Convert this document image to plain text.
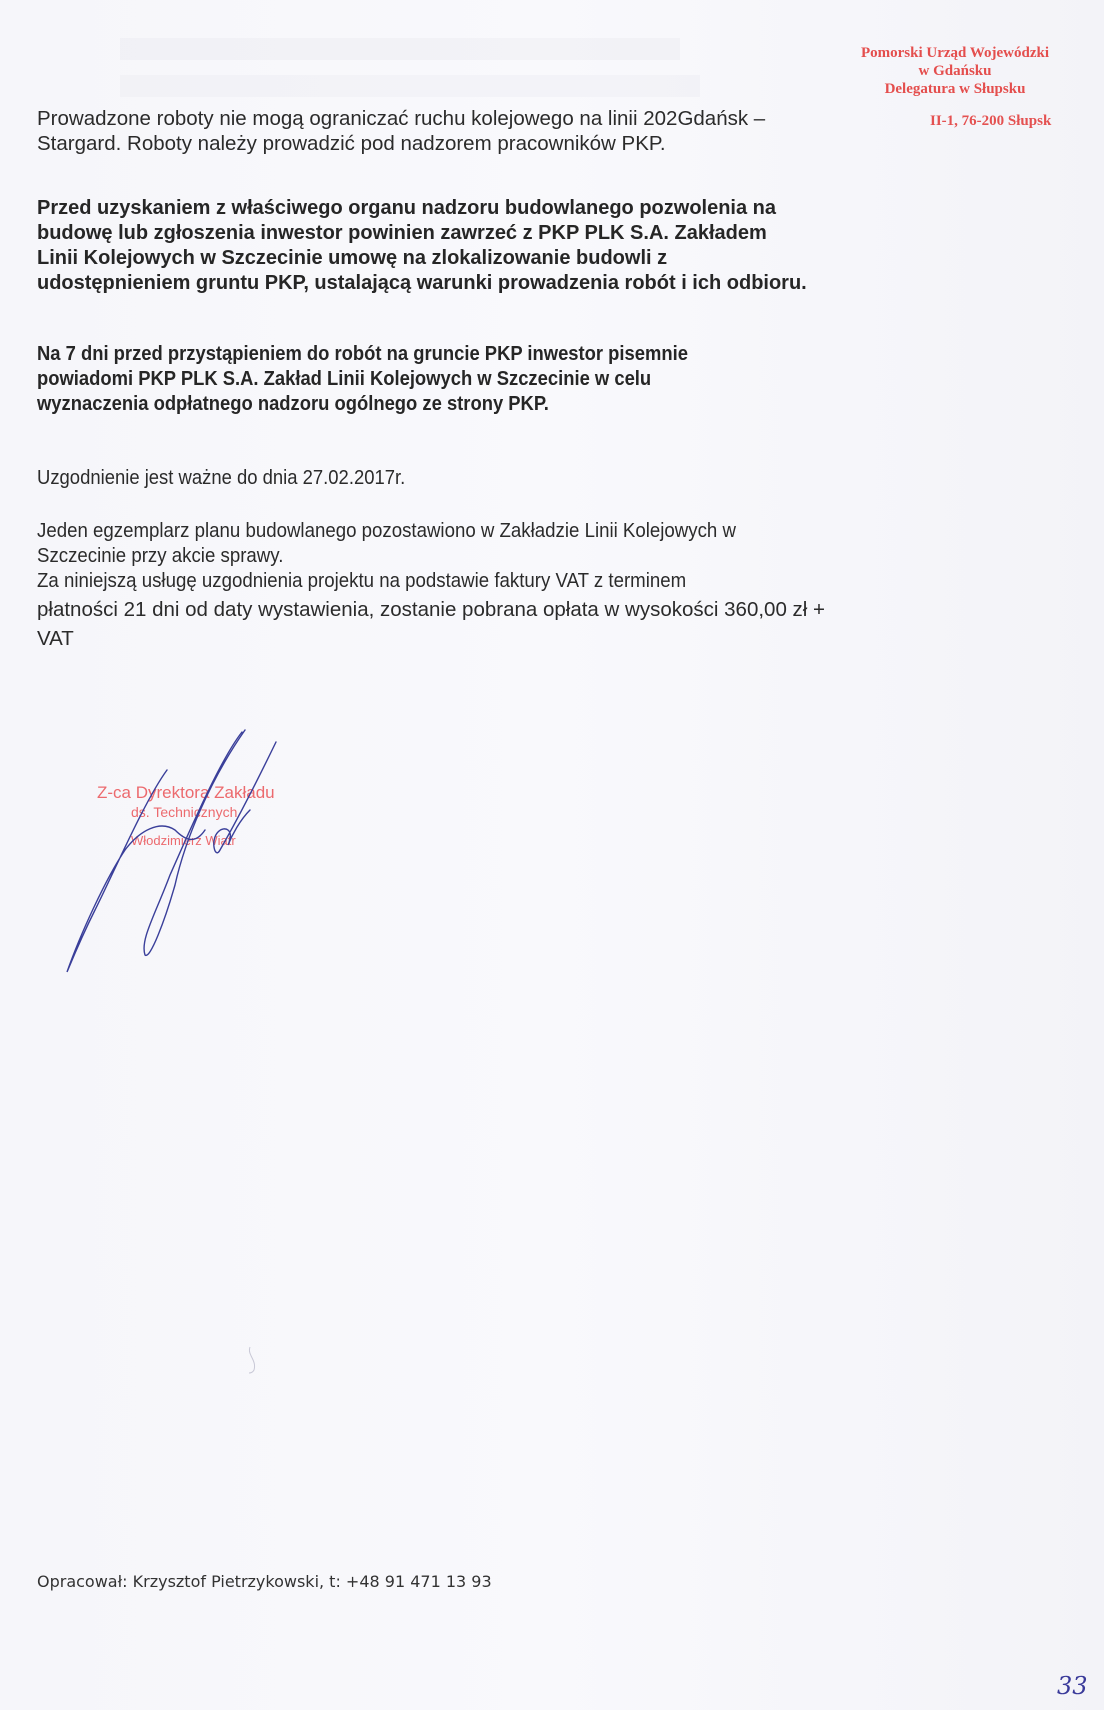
Pomorski Urząd Wojewódzki
w Gdańsku
Delegatura w Słupsku
II-1, 76-200 Słupsk
Prowadzone roboty nie mogą ograniczać ruchu kolejowego na linii 202Gdańsk –
Stargard. Roboty należy prowadzić pod nadzorem pracowników PKP.
Przed uzyskaniem z właściwego organu nadzoru budowlanego pozwolenia na
budowę lub zgłoszenia inwestor powinien zawrzeć z PKP PLK S.A. Zakładem
Linii Kolejowych w Szczecinie umowę na zlokalizowanie budowli z
udostępnieniem gruntu PKP, ustalającą warunki prowadzenia robót i ich odbioru.
Na 7 dni przed przystąpieniem do robót na gruncie PKP inwestor pisemnie
powiadomi PKP PLK S.A. Zakład Linii Kolejowych w Szczecinie w celu
wyznaczenia odpłatnego nadzoru ogólnego ze strony PKP.
Uzgodnienie jest ważne do dnia 27.02.2017r.
Jeden egzemplarz planu budowlanego pozostawiono w Zakładzie Linii Kolejowych w
Szczecinie przy akcie sprawy.
Za niniejszą usługę uzgodnienia projektu na podstawie faktury VAT z terminem
płatności 21 dni od daty wystawienia, zostanie pobrana opłata w wysokości 360,00 zł +
VAT
Z-ca Dyrektora Zakładu
ds. Technicznych
Włodzimierz Wiatr
Opracował: Krzysztof Pietrzykowski, t: +48 91 471 13 93
33
